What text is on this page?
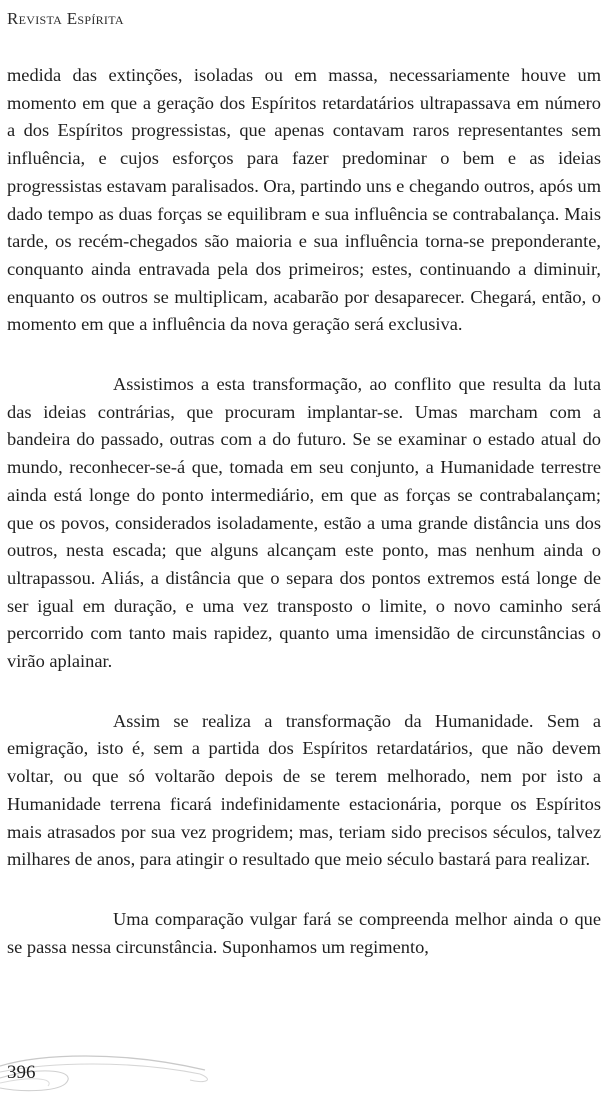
Revista Espírita

medida das extinções, isoladas ou em massa, necessariamente houve um momento em que a geração dos Espíritos retardatários ultrapassava em número a dos Espíritos progressistas, que apenas contavam raros representantes sem influência, e cujos esforços para fazer predominar o bem e as ideias progressistas estavam paralisados. Ora, partindo uns e chegando outros, após um dado tempo as duas forças se equilibram e sua influência se contrabalança. Mais tarde, os recém-chegados são maioria e sua influência torna-se preponderante, conquanto ainda entravada pela dos primeiros; estes, continuando a diminuir, enquanto os outros se multiplicam, acabarão por desaparecer. Chegará, então, o momento em que a influência da nova geração será exclusiva.

Assistimos a esta transformação, ao conflito que resulta da luta das ideias contrárias, que procuram implantar-se. Umas marcham com a bandeira do passado, outras com a do futuro. Se se examinar o estado atual do mundo, reconhecer-se-á que, tomada em seu conjunto, a Humanidade terrestre ainda está longe do ponto intermediário, em que as forças se contrabalançam; que os povos, considerados isoladamente, estão a uma grande distância uns dos outros, nesta escada; que alguns alcançam este ponto, mas nenhum ainda o ultrapassou. Aliás, a distância que o separa dos pontos extremos está longe de ser igual em duração, e uma vez transposto o limite, o novo caminho será percorrido com tanto mais rapidez, quanto uma imensidão de circunstâncias o virão aplainar.

Assim se realiza a transformação da Humanidade. Sem a emigração, isto é, sem a partida dos Espíritos retardatários, que não devem voltar, ou que só voltarão depois de se terem melhorado, nem por isto a Humanidade terrena ficará indefinidamente estacionária, porque os Espíritos mais atrasados por sua vez progridem; mas, teriam sido precisos séculos, talvez milhares de anos, para atingir o resultado que meio século bastará para realizar.

Uma comparação vulgar fará se compreenda melhor ainda o que se passa nessa circunstância. Suponhamos um regimento,

396
